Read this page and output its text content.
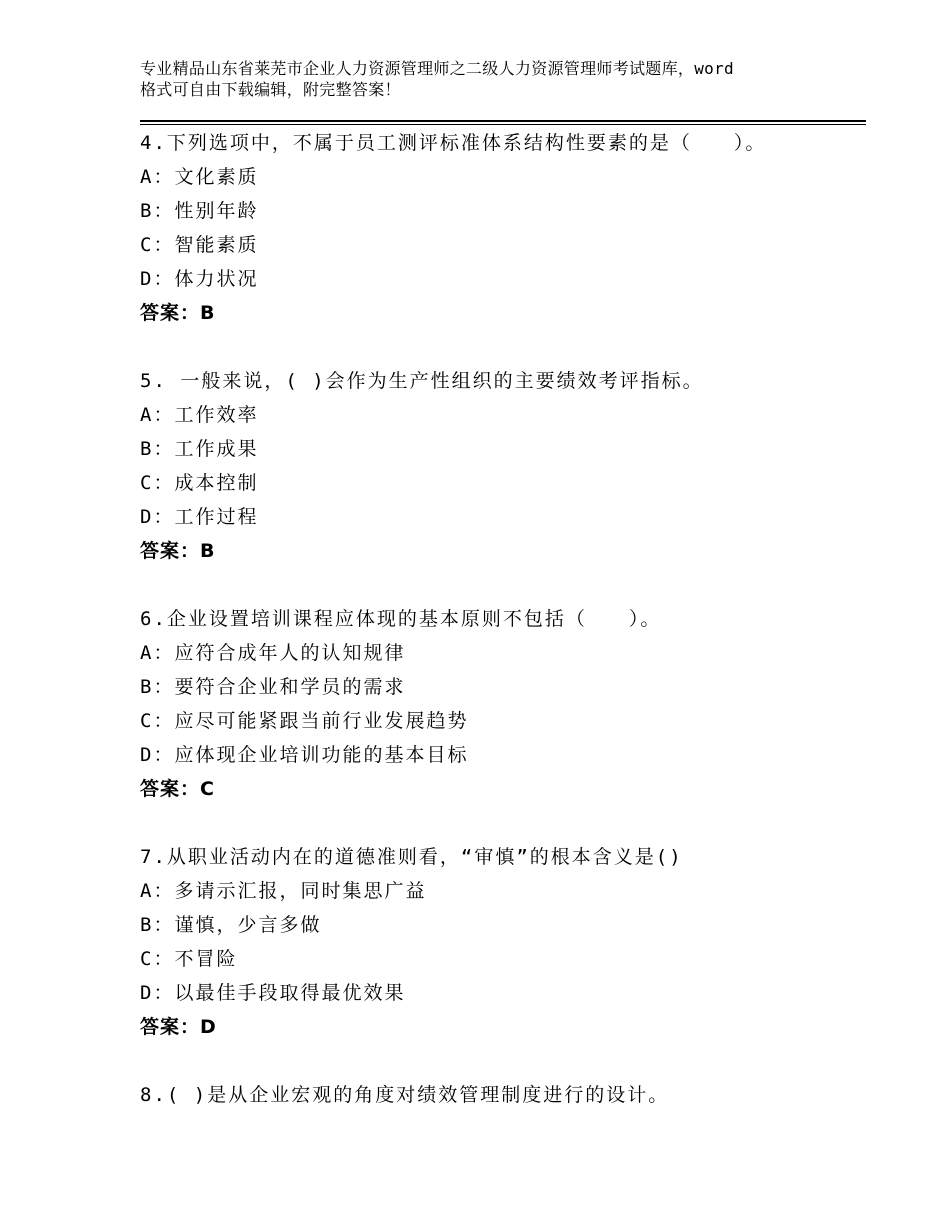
专业精品山东省莱芜市企业人力资源管理师之二级人力资源管理师考试题库，word
格式可自由下载编辑，附完整答案！
4.下列选项中，不属于员工测评标准体系结构性要素的是（　　）。
A：文化素质
B：性别年龄
C：智能素质
D：体力状况
答案：B
5. 一般来说，( )会作为生产性组织的主要绩效考评指标。
A：工作效率
B：工作成果
C：成本控制
D：工作过程
答案：B
6.企业设置培训课程应体现的基本原则不包括（　　）。
A：应符合成年人的认知规律
B：要符合企业和学员的需求
C：应尽可能紧跟当前行业发展趋势
D：应体现企业培训功能的基本目标
答案：C
7.从职业活动内在的道德准则看，“审慎”的根本含义是()
A：多请示汇报，同时集思广益
B：谨慎，少言多做
C：不冒险
D：以最佳手段取得最优效果
答案：D
8.( )是从企业宏观的角度对绩效管理制度进行的设计。
